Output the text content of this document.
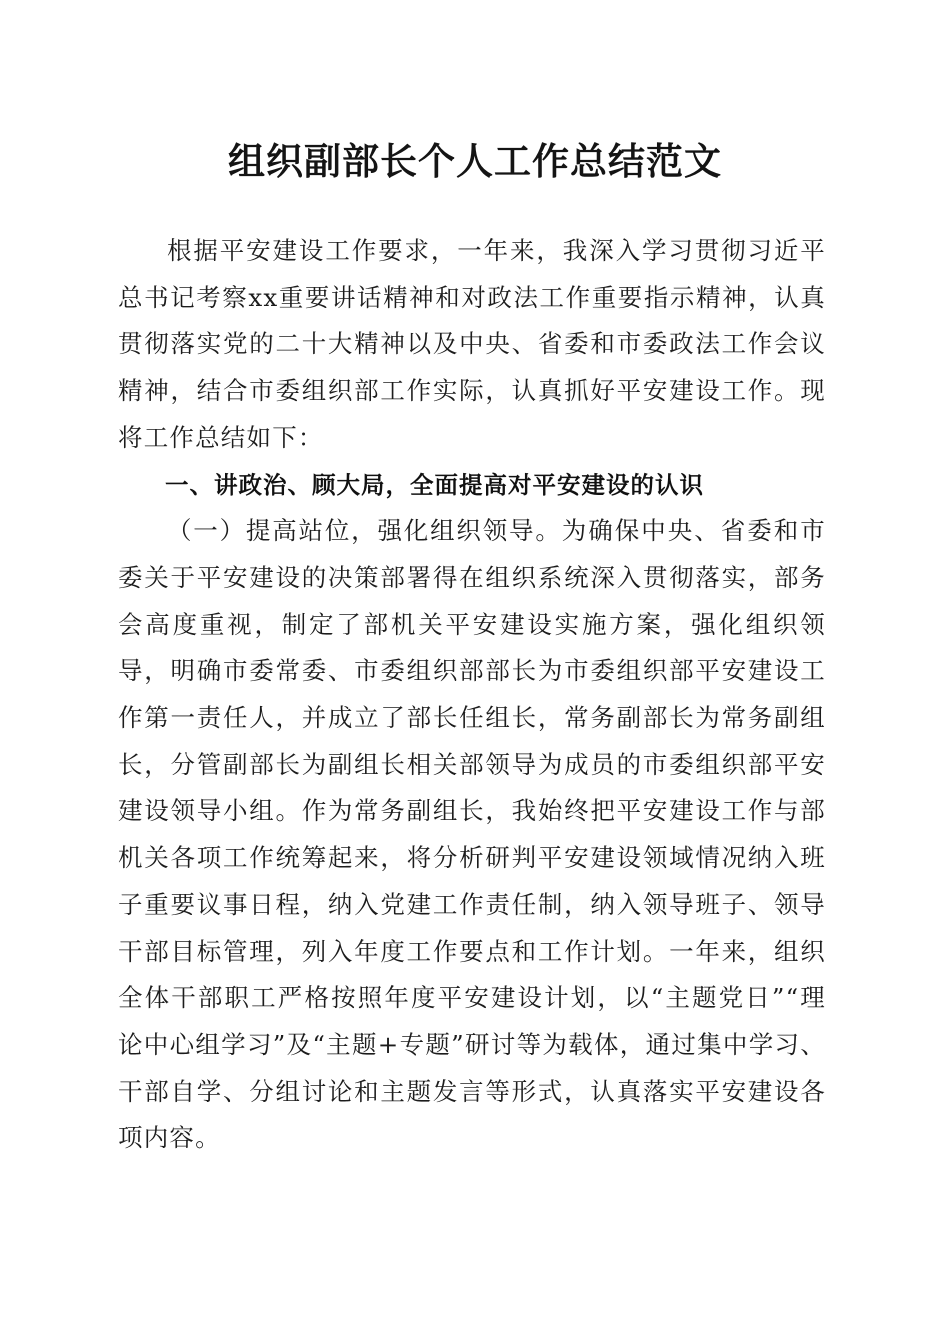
组织副部长个人工作总结范文

根据平安建设工作要求，一年来，我深入学习贯彻习近平总书记考察xx重要讲话精神和对政法工作重要指示精神，认真贯彻落实党的二十大精神以及中央、省委和市委政法工作会议精神，结合市委组织部工作实际，认真抓好平安建设工作。现将工作总结如下：

一、讲政治、顾大局，全面提高对平安建设的认识

（一）提高站位，强化组织领导。为确保中央、省委和市委关于平安建设的决策部署得在组织系统深入贯彻落实，部务会高度重视，制定了部机关平安建设实施方案，强化组织领导，明确市委常委、市委组织部部长为市委组织部平安建设工作第一责任人，并成立了部长任组长，常务副部长为常务副组长，分管副部长为副组长相关部领导为成员的市委组织部平安建设领导小组。作为常务副组长，我始终把平安建设工作与部机关各项工作统筹起来，将分析研判平安建设领域情况纳入班子重要议事日程，纳入党建工作责任制，纳入领导班子、领导干部目标管理，列入年度工作要点和工作计划。一年来，组织全体干部职工严格按照年度平安建设计划，以“主题党日”“理论中心组学习”及“主题+专题”研讨等为载体，通过集中学习、干部自学、分组讨论和主题发言等形式，认真落实平安建设各项内容。
